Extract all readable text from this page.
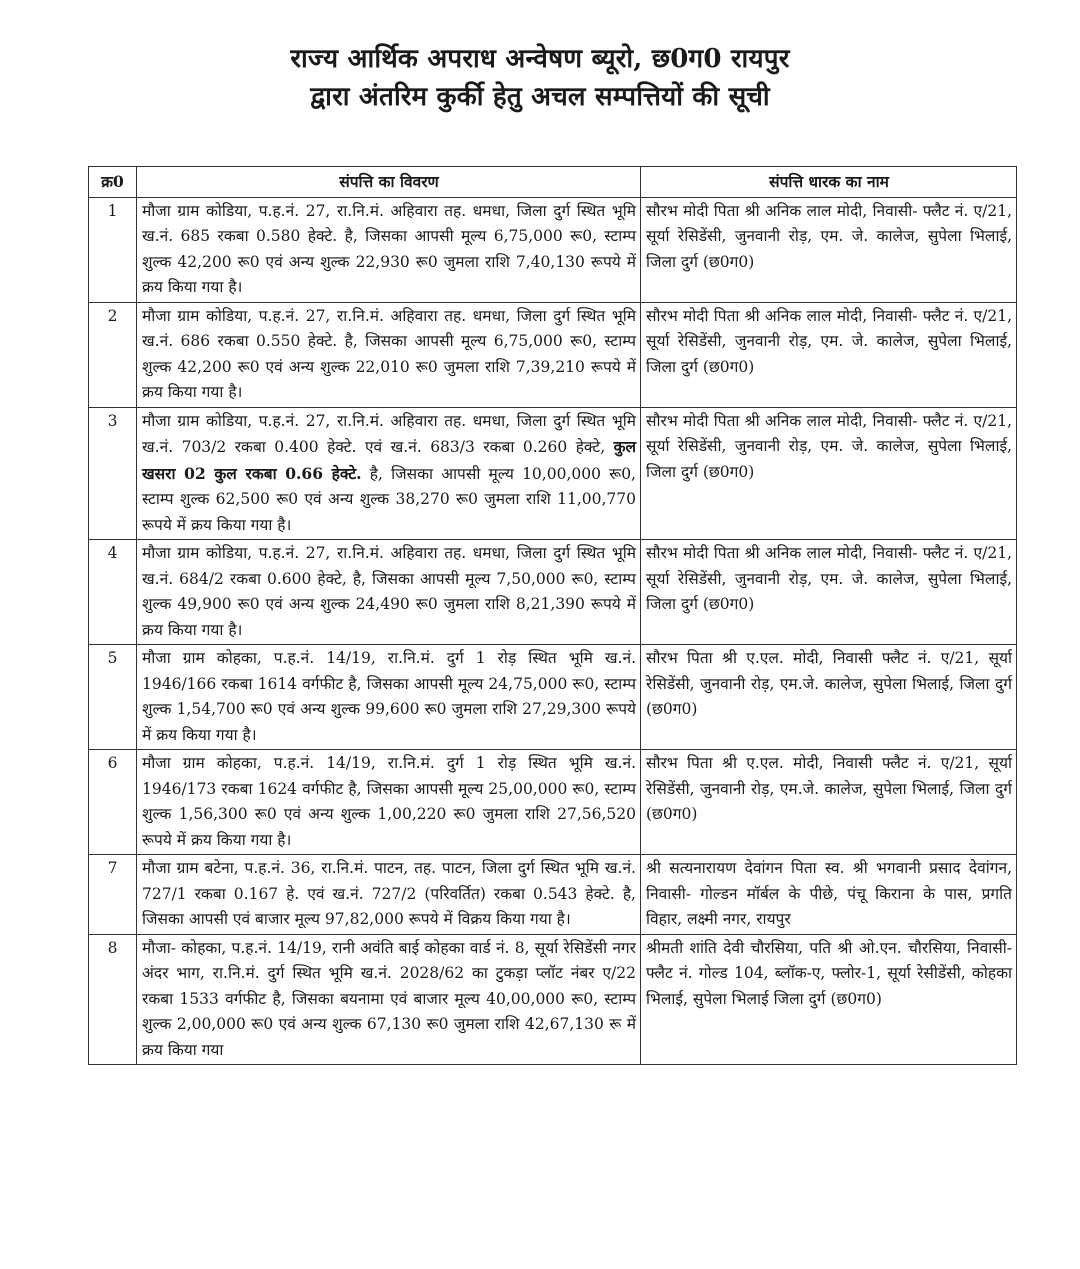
राज्य आर्थिक अपराध अन्वेषण ब्यूरो, छ0ग0 रायपुर
द्वारा अंतरिम कुर्की हेतु अचल सम्पत्तियों की सूची
क्र0	संपत्ति का विवरण	संपत्ति धारक का नाम
1	मौजा ग्राम कोडिया, प.ह.नं. 27, रा.नि.मं. अहिवारा तह. धमधा, जिला दुर्ग स्थित भूमि ख.नं. 685 रकबा 0.580 हेक्टे. है, जिसका आपसी मूल्य 6,75,000 रू0, स्टाम्प शुल्क 42,200 रू0 एवं अन्य शुल्क 22,930 रू0 जुमला राशि 7,40,130 रूपये में क्रय किया गया है।	सौरभ मोदी पिता श्री अनिक लाल मोदी, निवासी- फ्लैट नं. ए/21, सूर्या रेसिडेंसी, जुनवानी रोड़, एम. जे. कालेज, सुपेला भिलाई, जिला दुर्ग (छ0ग0)
2	मौजा ग्राम कोडिया, प.ह.नं. 27, रा.नि.मं. अहिवारा तह. धमधा, जिला दुर्ग स्थित भूमि ख.नं. 686 रकबा 0.550 हेक्टे. है, जिसका आपसी मूल्य 6,75,000 रू0, स्टाम्प शुल्क 42,200 रू0 एवं अन्य शुल्क 22,010 रू0 जुमला राशि 7,39,210 रूपये में क्रय किया गया है।	सौरभ मोदी पिता श्री अनिक लाल मोदी, निवासी- फ्लैट नं. ए/21, सूर्या रेसिडेंसी, जुनवानी रोड़, एम. जे. कालेज, सुपेला भिलाई, जिला दुर्ग (छ0ग0)
3	मौजा ग्राम कोडिया, प.ह.नं. 27, रा.नि.मं. अहिवारा तह. धमधा, जिला दुर्ग स्थित भूमि ख.नं. 703/2 रकबा 0.400 हेक्टे. एवं ख.नं. 683/3 रकबा 0.260 हेक्टे, कुल खसरा 02 कुल रकबा 0.66 हेक्टे. है, जिसका आपसी मूल्य 10,00,000 रू0, स्टाम्प शुल्क 62,500 रू0 एवं अन्य शुल्क 38,270 रू0 जुमला राशि 11,00,770 रूपये में क्रय किया गया है।	सौरभ मोदी पिता श्री अनिक लाल मोदी, निवासी- फ्लैट नं. ए/21, सूर्या रेसिडेंसी, जुनवानी रोड़, एम. जे. कालेज, सुपेला भिलाई, जिला दुर्ग (छ0ग0)
4	मौजा ग्राम कोडिया, प.ह.नं. 27, रा.नि.मं. अहिवारा तह. धमधा, जिला दुर्ग स्थित भूमि ख.नं. 684/2 रकबा 0.600 हेक्टे, है, जिसका आपसी मूल्य 7,50,000 रू0, स्टाम्प शुल्क 49,900 रू0 एवं अन्य शुल्क 24,490 रू0 जुमला राशि 8,21,390 रूपये में क्रय किया गया है।	सौरभ मोदी पिता श्री अनिक लाल मोदी, निवासी- फ्लैट नं. ए/21, सूर्या रेसिडेंसी, जुनवानी रोड़, एम. जे. कालेज, सुपेला भिलाई, जिला दुर्ग (छ0ग0)
5	मौजा ग्राम कोहका, प.ह.नं. 14/19, रा.नि.मं. दुर्ग 1 रोड़ स्थित भूमि ख.नं. 1946/166 रकबा 1614 वर्गफीट है, जिसका आपसी मूल्य 24,75,000 रू0, स्टाम्प शुल्क 1,54,700 रू0 एवं अन्य शुल्क 99,600 रू0 जुमला राशि 27,29,300 रूपये में क्रय किया गया है।	सौरभ पिता श्री ए.एल. मोदी, निवासी फ्लैट नं. ए/21, सूर्या रेसिडेंसी, जुनवानी रोड़, एम.जे. कालेज, सुपेला भिलाई, जिला दुर्ग (छ0ग0)
6	मौजा ग्राम कोहका, प.ह.नं. 14/19, रा.नि.मं. दुर्ग 1 रोड़ स्थित भूमि ख.नं. 1946/173 रकबा 1624 वर्गफीट है, जिसका आपसी मूल्य 25,00,000 रू0, स्टाम्प शुल्क 1,56,300 रू0 एवं अन्य शुल्क 1,00,220 रू0 जुमला राशि 27,56,520 रूपये में क्रय किया गया है।	सौरभ पिता श्री ए.एल. मोदी, निवासी फ्लैट नं. ए/21, सूर्या रेसिडेंसी, जुनवानी रोड़, एम.जे. कालेज, सुपेला भिलाई, जिला दुर्ग (छ0ग0)
7	मौजा ग्राम बटेना, प.ह.नं. 36, रा.नि.मं. पाटन, तह. पाटन, जिला दुर्ग स्थित भूमि ख.नं. 727/1 रकबा 0.167 हे. एवं ख.नं. 727/2 (परिवर्तित) रकबा 0.543 हेक्टे. है, जिसका आपसी एवं बाजार मूल्य 97,82,000 रूपये में विक्रय किया गया है।	श्री सत्यनारायण देवांगन पिता स्व. श्री भगवानी प्रसाद देवांगन, निवासी- गोल्डन मॉर्बल के पीछे, पंचू किराना के पास, प्रगति विहार, लक्ष्मी नगर, रायपुर
8	मौजा- कोहका, प.ह.नं. 14/19, रानी अवंति बाई कोहका वार्ड नं. 8, सूर्या रेसिडेंसी नगर अंदर भाग, रा.नि.मं. दुर्ग स्थित भूमि ख.नं. 2028/62 का टुकड़ा प्लॉट नंबर ए/22 रकबा 1533 वर्गफीट है, जिसका बयनामा एवं बाजार मूल्य 40,00,000 रू0, स्टाम्प शुल्क 2,00,000 रू0 एवं अन्य शुल्क 67,130 रू0 जुमला राशि 42,67,130 रू में क्रय किया गया	श्रीमती शांति देवी चौरसिया, पति श्री ओ.एन. चौरसिया, निवासी- फ्लैट नं. गोल्ड 104, ब्लॉक-ए, फ्लोर-1, सूर्या रेसीडेंसी, कोहका भिलाई, सुपेला भिलाई जिला दुर्ग (छ0ग0)
